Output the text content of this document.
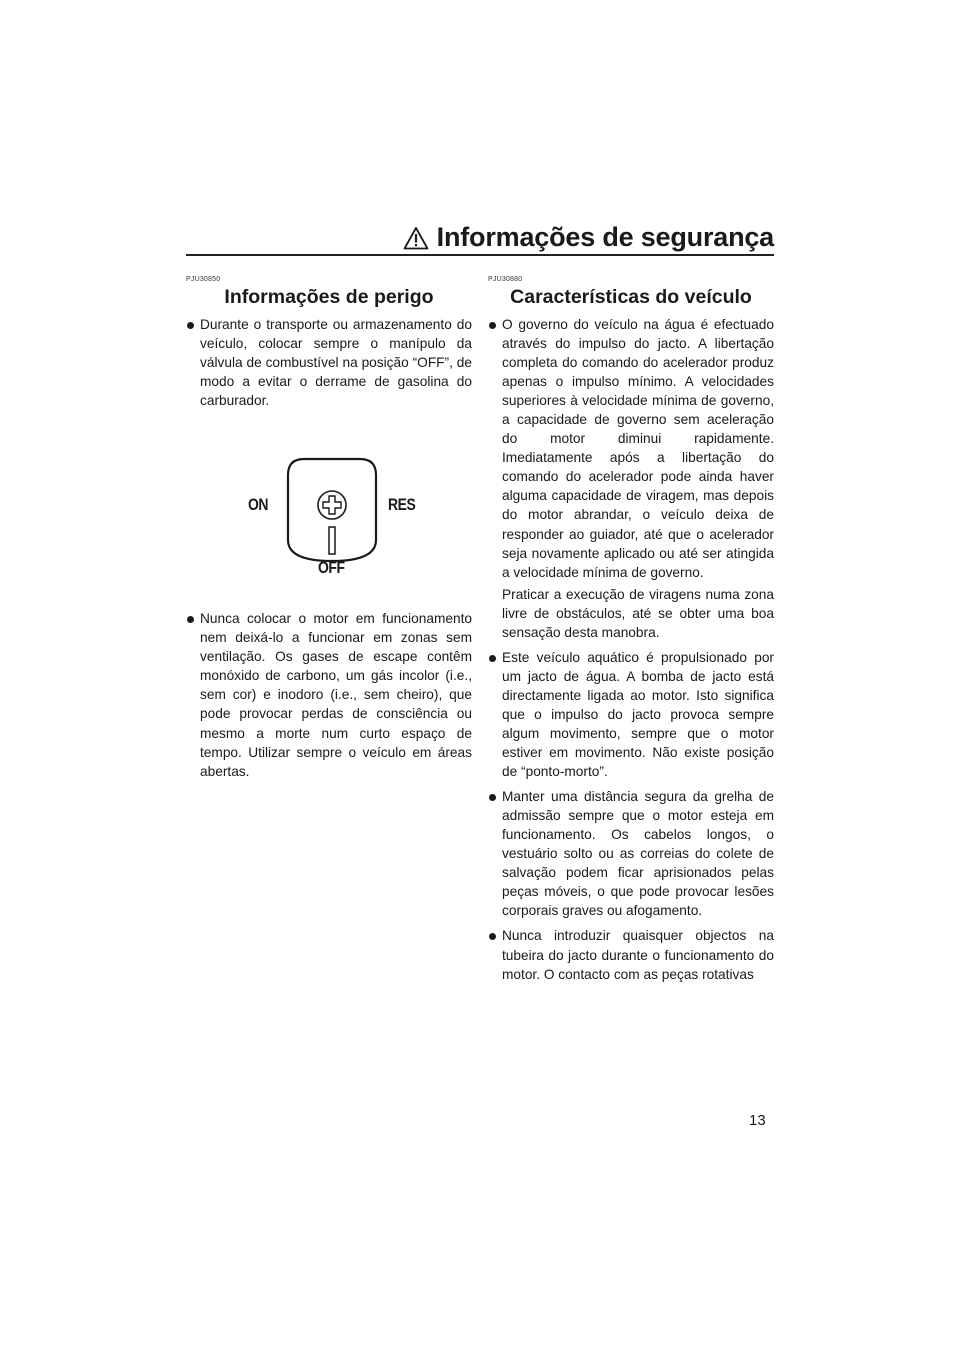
Informações de segurança
PJU30850
Informações de perigo

Durante o transporte ou armazenamento do veículo, colocar sempre o manípulo da válvula de combustível na posição “OFF”, de modo a evitar o derrame de gasolina do carburador.

ON	RES
OFF

Nunca colocar o motor em funcionamento nem deixá-lo a funcionar em zonas sem ventilação. Os gases de escape contêm monóxido de carbono, um gás incolor (i.e., sem cor) e inodoro (i.e., sem cheiro), que pode provocar perdas de consciência ou mesmo a morte num curto espaço de tempo. Utilizar sempre o veículo em áreas abertas.

PJU30880
Características do veículo

O governo do veículo na água é efectuado através do impulso do jacto. A libertação completa do comando do acelerador produz apenas o impulso mínimo. A velocidades superiores à velocidade mínima de governo, a capacidade de governo sem aceleração do motor diminui rapidamente. Imediatamente após a libertação do comando do acelerador pode ainda haver alguma capacidade de viragem, mas depois do motor abrandar, o veículo deixa de responder ao guiador, até que o acelerador seja novamente aplicado ou até ser atingida a velocidade mínima de governo.

Praticar a execução de viragens numa zona livre de obstáculos, até se obter uma boa sensação desta manobra.

Este veículo aquático é propulsionado por um jacto de água. A bomba de jacto está directamente ligada ao motor. Isto significa que o impulso do jacto provoca sempre algum movimento, sempre que o motor estiver em movimento. Não existe posição de “ponto-morto”.

Manter uma distância segura da grelha de admissão sempre que o motor esteja em funcionamento. Os cabelos longos, o vestuário solto ou as correias do colete de salvação podem ficar aprisionados pelas peças móveis, o que pode provocar lesões corporais graves ou afogamento.

Nunca introduzir quaisquer objectos na tubeira do jacto durante o funcionamento do motor. O contacto com as peças rotativas

13
